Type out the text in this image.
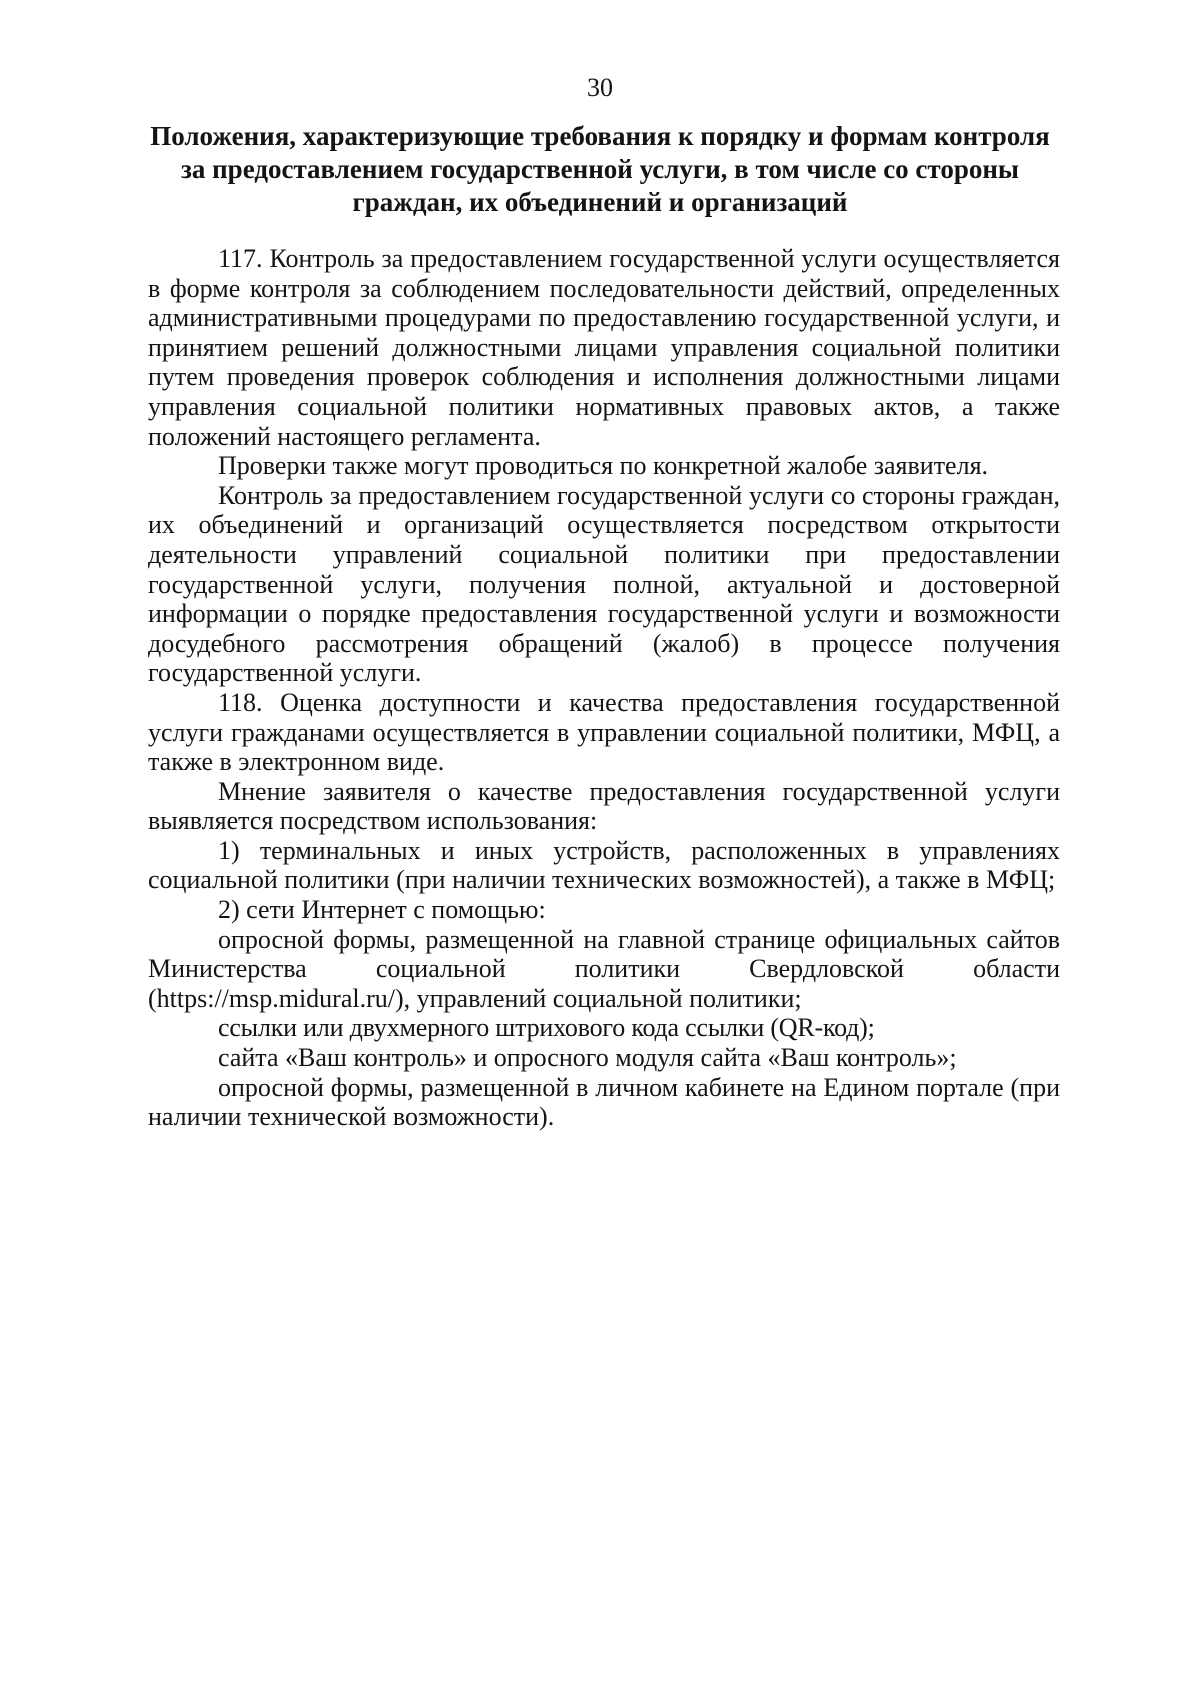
30
Положения, характеризующие требования к порядку и формам контроля
за предоставлением государственной услуги, в том числе со стороны
граждан, их объединений и организаций

117. Контроль за предоставлением государственной услуги осуществляется в форме контроля за соблюдением последовательности действий, определенных административными процедурами по предоставлению государственной услуги, и принятием решений должностными лицами управления социальной политики путем проведения проверок соблюдения и исполнения должностными лицами управления социальной политики нормативных правовых актов, а также положений настоящего регламента.

Проверки также могут проводиться по конкретной жалобе заявителя.

Контроль за предоставлением государственной услуги со стороны граждан, их объединений и организаций осуществляется посредством открытости деятельности управлений социальной политики при предоставлении государственной услуги, получения полной, актуальной и достоверной информации о порядке предоставления государственной услуги и возможности досудебного рассмотрения обращений (жалоб) в процессе получения государственной услуги.

118. Оценка доступности и качества предоставления государственной услуги гражданами осуществляется в управлении социальной политики, МФЦ, а также в электронном виде.

Мнение заявителя о качестве предоставления государственной услуги выявляется посредством использования:

1) терминальных и иных устройств, расположенных в управлениях социальной политики (при наличии технических возможностей), а также в МФЦ;

2) сети Интернет с помощью:

опросной формы, размещенной на главной странице официальных сайтов Министерства социальной политики Свердловской области (https://msp.midural.ru/), управлений социальной политики;

ссылки или двухмерного штрихового кода ссылки (QR-код);

сайта «Ваш контроль» и опросного модуля сайта «Ваш контроль»;

опросной формы, размещенной в личном кабинете на Едином портале (при наличии технической возможности).
